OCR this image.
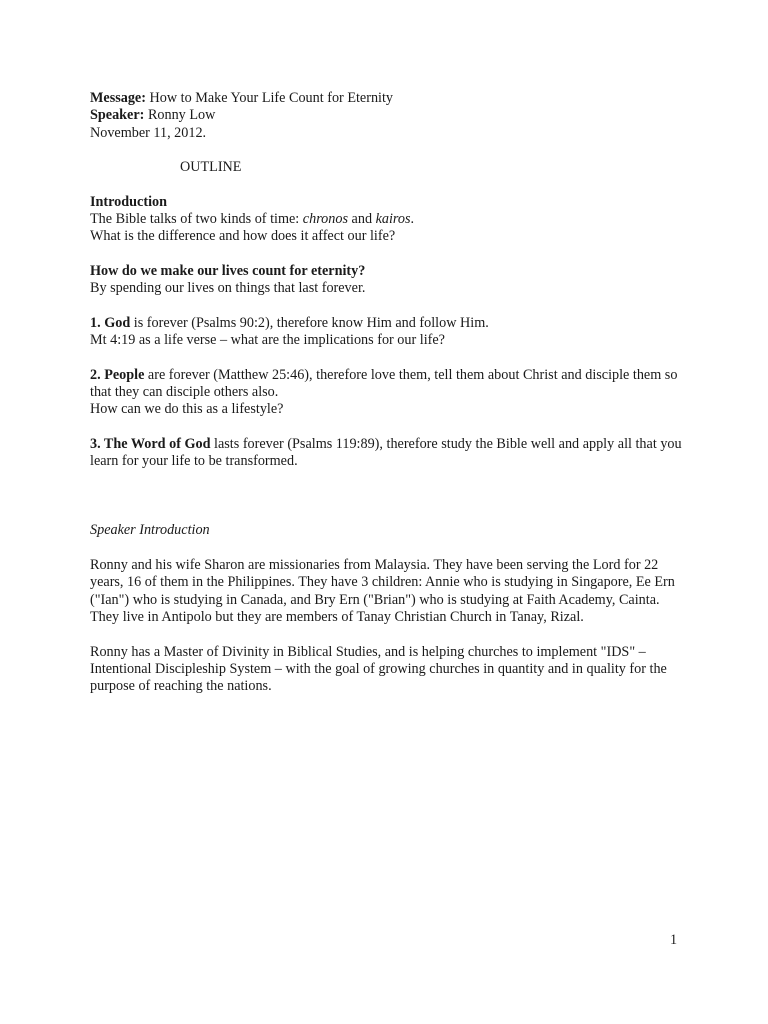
Message: How to Make Your Life Count for Eternity
Speaker: Ronny Low
November 11, 2012.
OUTLINE
Introduction
The Bible talks of two kinds of time: chronos and kairos.
What is the difference and how does it affect our life?
How do we make our lives count for eternity?
By spending our lives on things that last forever.
1. God is forever (Psalms 90:2), therefore know Him and follow Him.
Mt 4:19 as a life verse – what are the implications for our life?
2. People are forever (Matthew 25:46), therefore love them, tell them about Christ and disciple them so that they can disciple others also.
How can we do this as a lifestyle?
3. The Word of God lasts forever (Psalms 119:89), therefore study the Bible well and apply all that you learn for your life to be transformed.
Speaker Introduction
Ronny and his wife Sharon are missionaries from Malaysia. They have been serving the Lord for 22 years, 16 of them in the Philippines. They have 3 children: Annie who is studying in Singapore, Ee Ern ("Ian") who is studying in Canada, and Bry Ern ("Brian") who is studying at Faith Academy, Cainta. They live in Antipolo but they are members of Tanay Christian Church in Tanay, Rizal.
Ronny has a Master of Divinity in Biblical Studies, and is helping churches to implement "IDS" – Intentional Discipleship System – with the goal of growing churches in quantity and in quality for the purpose of reaching the nations.
1
